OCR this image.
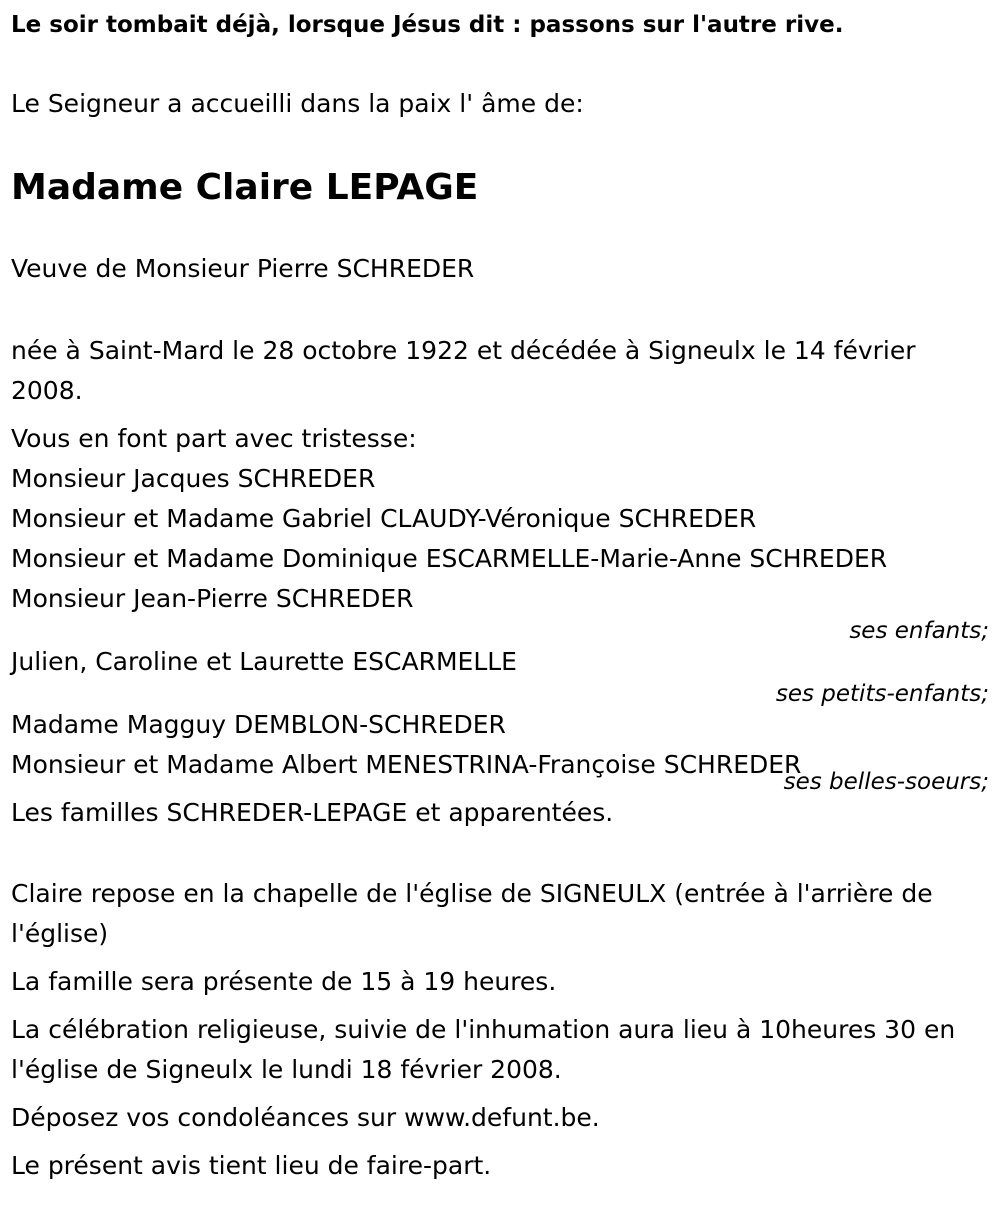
Le soir tombait déjà, lorsque Jésus dit : passons sur l'autre rive.
Le Seigneur a accueilli dans la paix l' âme de:
Madame Claire LEPAGE
Veuve de Monsieur Pierre SCHREDER
née à Saint-Mard le 28 octobre 1922 et décédée à Signeulx le 14 février 2008.
Vous en font part avec tristesse:
Monsieur Jacques SCHREDER
Monsieur et Madame Gabriel CLAUDY-Véronique SCHREDER
Monsieur et Madame Dominique ESCARMELLE-Marie-Anne SCHREDER
Monsieur Jean-Pierre SCHREDER
ses enfants;
Julien, Caroline et Laurette ESCARMELLE
ses petits-enfants;
Madame Magguy DEMBLON-SCHREDER
Monsieur et Madame Albert MENESTRINA-Françoise SCHREDER
ses belles-soeurs;
Les familles SCHREDER-LEPAGE et apparentées.
Claire repose en la chapelle de l'église de SIGNEULX (entrée à l'arrière de l'église)
La famille sera présente de 15 à 19 heures.
La célébration religieuse, suivie de l'inhumation aura lieu à 10heures 30 en l'église de Signeulx le lundi 18 février 2008.
Déposez vos condoléances sur www.defunt.be.
Le présent avis tient lieu de faire-part.
